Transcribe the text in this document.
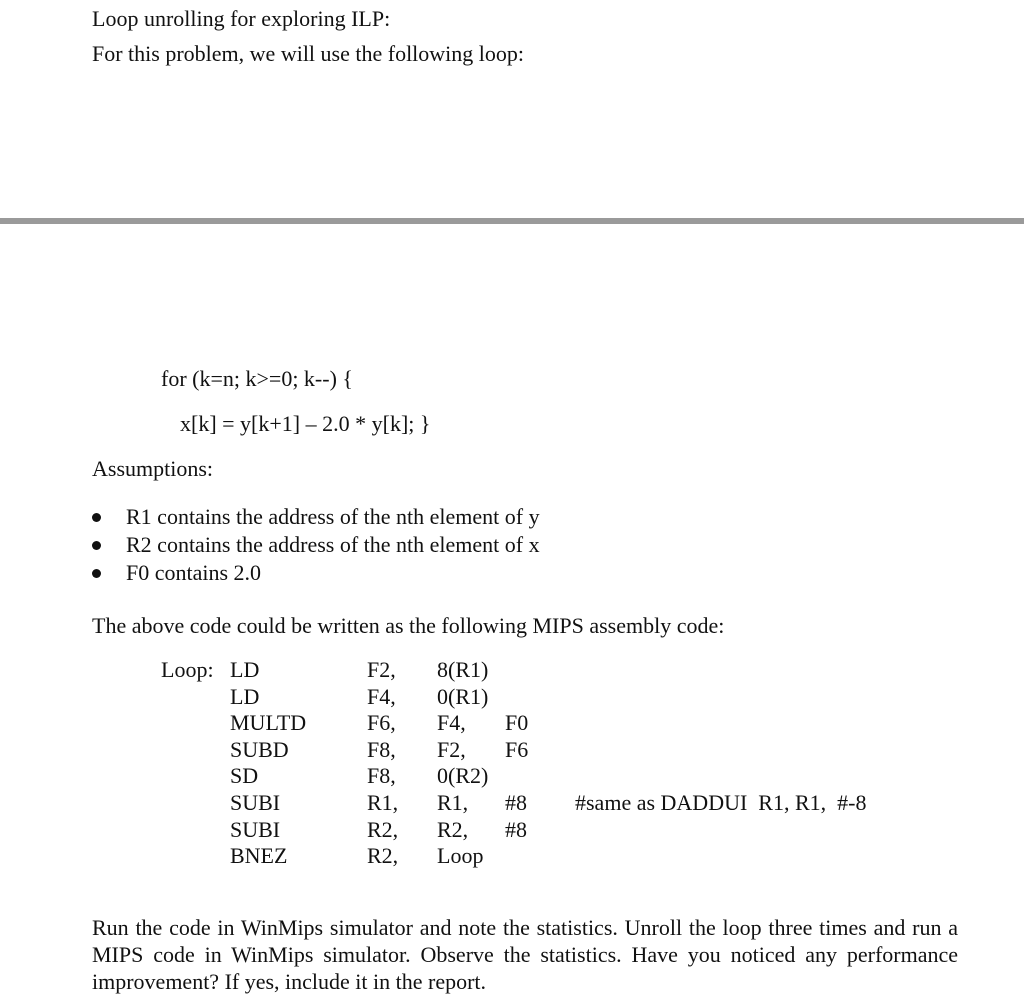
Loop unrolling for exploring ILP:
For this problem, we will use the following loop:
for (k=n; k>=0; k--) {
x[k] = y[k+1] – 2.0 * y[k]; }
Assumptions:
R1 contains the address of the nth element of y
R2 contains the address of the nth element of x
F0 contains 2.0
The above code could be written as the following MIPS assembly code:
Loop: LD	F2, 8(R1)
LD	F4, 0(R1)
MULTD	F6, F4, F0
SUBD	F8, F2, F6
SD	F8, 0(R2)
SUBI	R1, R1, #8 #same as DADDUI  R1, R1,  #-8
SUBI	R2, R2, #8
BNEZ	R2, Loop
Run the code in WinMips simulator and note the statistics. Unroll the loop three times and run a MIPS code in WinMips simulator. Observe the statistics. Have you noticed any performance improvement? If yes, include it in the report.
